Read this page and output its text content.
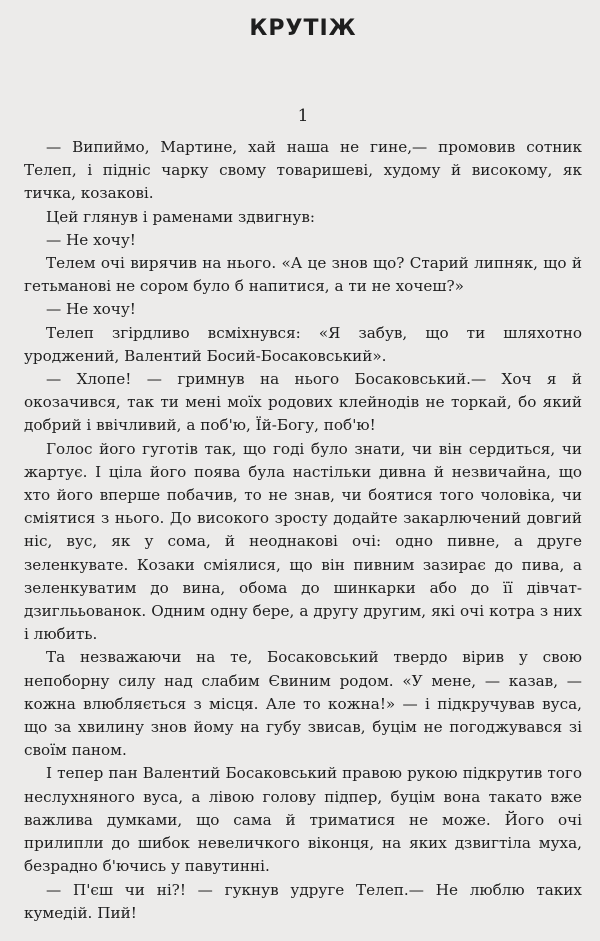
КРУТІЖ
1

— Випиймо, Мартине, хай наша не гине,— промовив сотник Телеп, і підніс чарку свому товаришеві, худому й високому, як тичка, козакові.

Цей глянув і раменами здвигнув:

— Не хочу!

Телем очі вирячив на нього. «А це знов що? Старий липняк, що й гетьманові не сором було б напитися, а ти не хочеш?»

— Не хочу!

Телеп згірдливо всміхнувся: «Я забув, що ти шляхотно уроджений, Валентий Босий-Босаковський».

— Хлопе! — гримнув на нього Босаковський.— Хоч я й окозачився, так ти мені моїх родових клейнодів не торкай, бо який добрий і ввічливий, а поб'ю, Їй-Богу, поб'ю!

Голос його гуготів так, що годі було знати, чи він сердиться, чи жартує. І ціла його поява була настільки дивна й незвичайна, що хто його вперше побачив, то не знав, чи боятися того чоловіка, чи сміятися з нього. До високого зросту додайте закарлючений довгий ніс, вус, як у сома, й неоднакові очі: одно пивне, а друге зеленкувате. Козаки сміялися, що він пивним зазирає до пива, а зеленкуватим до вина, обома до шинкарки або до її дівчат-дзиглььованок. Одним одну бере, а другу другим, які очі котра з них і любить.

Та незважаючи на те, Босаковський твердо вірив у свою непоборну силу над слабим Євиним родом. «У мене, — казав, — кожна влюбляється з місця. Але то кожна!» — і підкручував вуса, що за хвилину знов йому на губу звисав, буцім не погоджувався зі своїм паном.

І тепер пан Валентий Босаковський правою рукою підкрутив того неслухняного вуса, а лівою голову підпер, буцім вона такато вже важлива думками, що сама й триматися не може. Його очі прилипли до шибок невеличкого віконця, на яких дзвигтіла муха, безрадно б'ючись у павутинні.

— П'єш чи ні?! — гукнув удруге Телеп.— Не люблю таких кумедій. Пий!
